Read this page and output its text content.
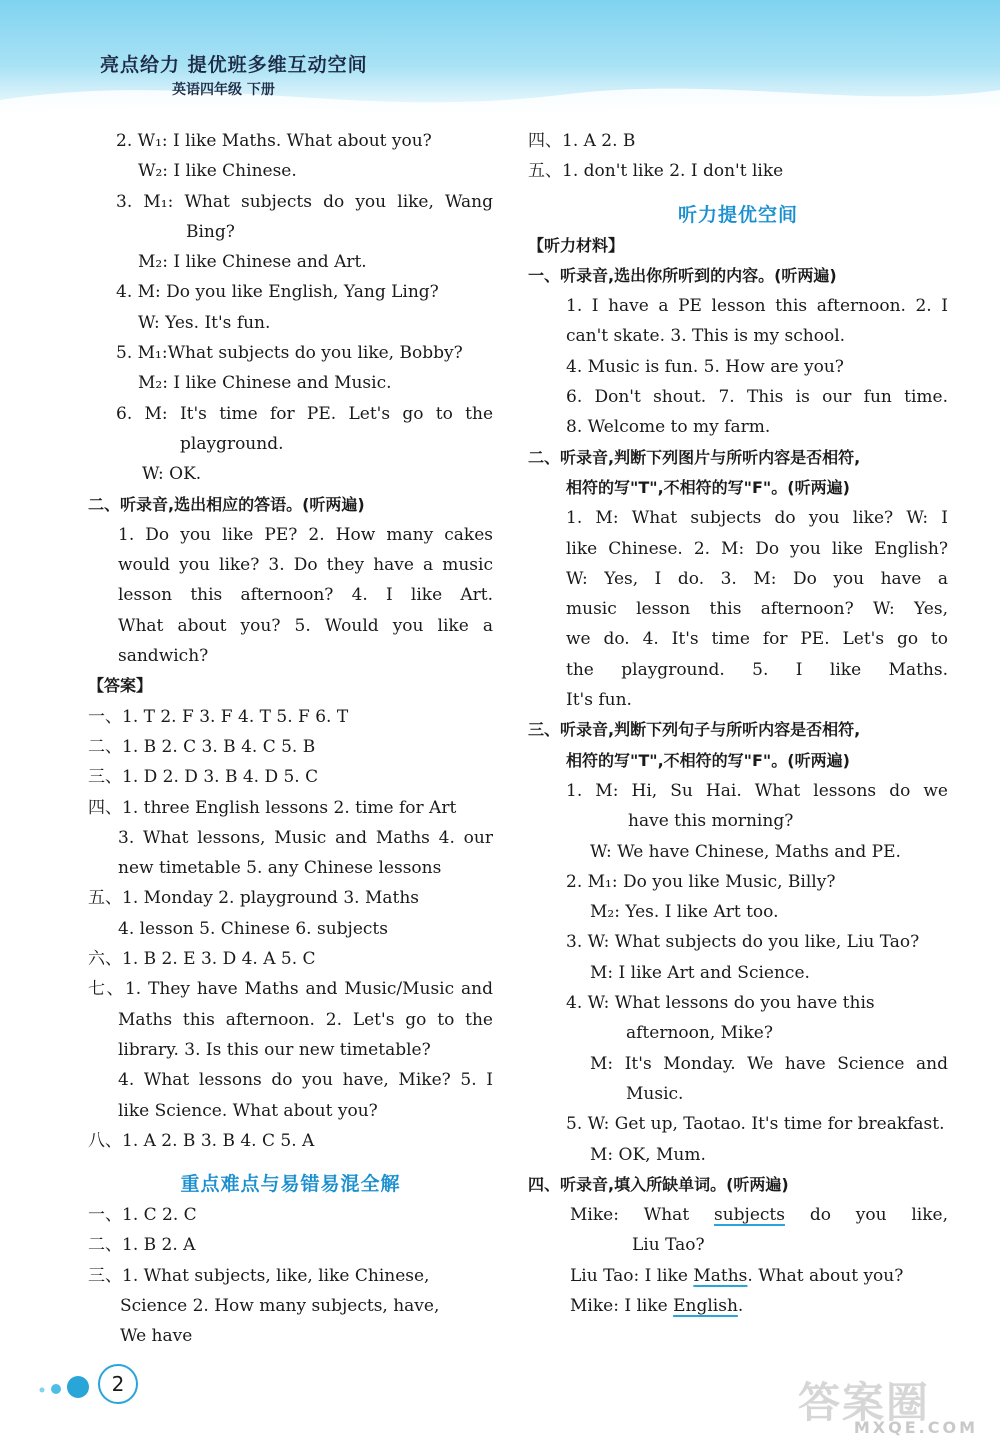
亮点给力 提优班多维互动空间
英语四年级 下册
2. W₁: I like Maths. What about you?
W₂: I like Chinese.
3. M₁: What subjects do you like, Wang
Bing?
M₂: I like Chinese and Art.
4. M: Do you like English, Yang Ling?
W: Yes. It's fun.
5. M₁:What subjects do you like, Bobby?
M₂: I like Chinese and Music.
6. M: It's time for PE. Let's go to the
playground.
W: OK.
二、听录音,选出相应的答语。(听两遍)
1. Do you like PE? 2. How many cakes
would you like? 3. Do they have a music
lesson this afternoon? 4. I like Art.
What about you? 5. Would you like a
sandwich?
【答案】
一、1. T 2. F 3. F 4. T 5. F 6. T
二、1. B 2. C 3. B 4. C 5. B
三、1. D 2. D 3. B 4. D 5. C
四、1. three English lessons 2. time for Art
3. What lessons, Music and Maths 4. our
new timetable 5. any Chinese lessons
五、1. Monday 2. playground 3. Maths
4. lesson 5. Chinese 6. subjects
六、1. B 2. E 3. D 4. A 5. C
七、1. They have Maths and Music/Music and
Maths this afternoon. 2. Let's go to the
library. 3. Is this our new timetable?
4. What lessons do you have, Mike? 5. I
like Science. What about you?
八、1. A 2. B 3. B 4. C 5. A
重点难点与易错易混全解
一、1. C 2. C
二、1. B 2. A
三、1. What subjects, like, like Chinese,
Science 2. How many subjects, have,
We have
四、1. A 2. B
五、1. don't like 2. I don't like
听力提优空间
【听力材料】
一、听录音,选出你所听到的内容。(听两遍)
1. I have a PE lesson this afternoon. 2. I
can't skate. 3. This is my school.
4. Music is fun. 5. How are you?
6. Don't shout. 7. This is our fun time.
8. Welcome to my farm.
二、听录音,判断下列图片与所听内容是否相符,
相符的写"T",不相符的写"F"。(听两遍)
1. M: What subjects do you like? W: I
like Chinese. 2. M: Do you like English?
W: Yes, I do. 3. M: Do you have a
music lesson this afternoon? W: Yes,
we do. 4. It's time for PE. Let's go to
the playground. 5. I like Maths.
It's fun.
三、听录音,判断下列句子与所听内容是否相符,
相符的写"T",不相符的写"F"。(听两遍)
1. M: Hi, Su Hai. What lessons do we
have this morning?
W: We have Chinese, Maths and PE.
2. M₁: Do you like Music, Billy?
M₂: Yes. I like Art too.
3. W: What subjects do you like, Liu Tao?
M: I like Art and Science.
4. W: What lessons do you have this
afternoon, Mike?
M: It's Monday. We have Science and
Music.
5. W: Get up, Taotao. It's time for breakfast.
M: OK, Mum.
四、听录音,填入所缺单词。(听两遍)
Mike: What subjects do you like,
Liu Tao?
Liu Tao: I like Maths. What about you?
Mike: I like English.
2	答案圈
MXQE.COM
